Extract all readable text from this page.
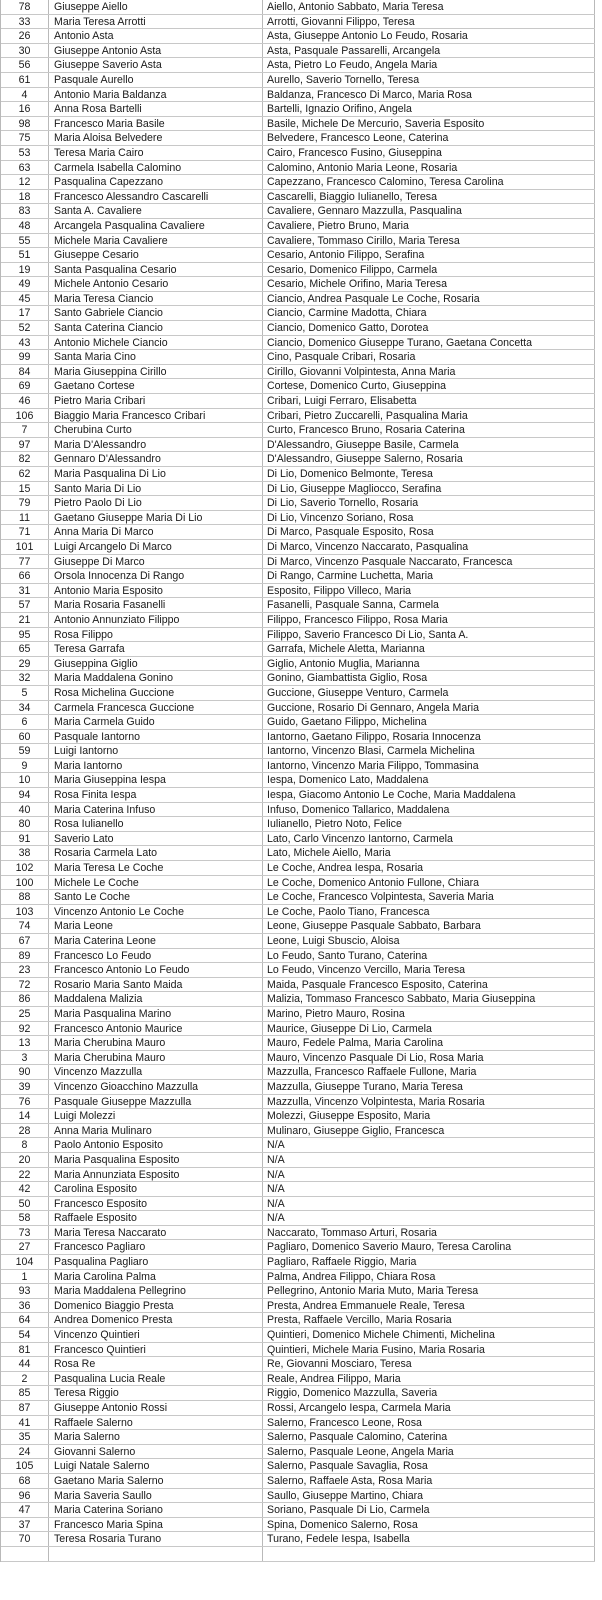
78	Giuseppe Aiello	Aiello, Antonio Sabbato, Maria Teresa
33	Maria Teresa Arrotti	Arrotti, Giovanni Filippo, Teresa
26	Antonio Asta	Asta, Giuseppe Antonio Lo Feudo, Rosaria
30	Giuseppe Antonio Asta	Asta, Pasquale Passarelli, Arcangela
56	Giuseppe Saverio Asta	Asta, Pietro Lo Feudo, Angela Maria
61	Pasquale Aurello	Aurello, Saverio Tornello, Teresa
4	Antonio Maria Baldanza	Baldanza, Francesco Di Marco, Maria Rosa
16	Anna Rosa Bartelli	Bartelli, Ignazio Orifino, Angela
98	Francesco Maria Basile	Basile, Michele De Mercurio, Saveria Esposito
75	Maria Aloisa Belvedere	Belvedere, Francesco Leone, Caterina
53	Teresa Maria Cairo	Cairo, Francesco Fusino, Giuseppina
63	Carmela Isabella Calomino	Calomino, Antonio Maria Leone, Rosaria
12	Pasqualina Capezzano	Capezzano, Francesco Calomino, Teresa Carolina
18	Francesco Alessandro Cascarelli	Cascarelli, Biaggio Iulianello, Teresa
83	Santa A. Cavaliere	Cavaliere, Gennaro Mazzulla, Pasqualina
48	Arcangela Pasqualina Cavaliere	Cavaliere, Pietro Bruno, Maria
55	Michele Maria Cavaliere	Cavaliere, Tommaso Cirillo, Maria Teresa
51	Giuseppe Cesario	Cesario, Antonio Filippo, Serafina
19	Santa Pasqualina Cesario	Cesario, Domenico Filippo, Carmela
49	Michele Antonio Cesario	Cesario, Michele Orifino, Maria Teresa
45	Maria Teresa Ciancio	Ciancio, Andrea Pasquale Le Coche, Rosaria
17	Santo Gabriele Ciancio	Ciancio, Carmine Madotta, Chiara
52	Santa Caterina Ciancio	Ciancio, Domenico Gatto, Dorotea
43	Antonio Michele Ciancio	Ciancio, Domenico Giuseppe Turano, Gaetana Concetta
99	Santa Maria Cino	Cino, Pasquale Cribari, Rosaria
84	Maria Giuseppina Cirillo	Cirillo, Giovanni Volpintesta, Anna Maria
69	Gaetano Cortese	Cortese, Domenico Curto, Giuseppina
46	Pietro Maria Cribari	Cribari, Luigi Ferraro, Elisabetta
106	Biaggio Maria Francesco Cribari	Cribari, Pietro Zuccarelli, Pasqualina Maria
7	Cherubina Curto	Curto, Francesco Bruno, Rosaria Caterina
97	Maria D'Alessandro	D'Alessandro, Giuseppe Basile, Carmela
82	Gennaro D'Alessandro	D'Alessandro, Giuseppe Salerno, Rosaria
62	Maria Pasqualina Di Lio	Di Lio, Domenico Belmonte, Teresa
15	Santo Maria Di Lio	Di Lio, Giuseppe Magliocco, Serafina
79	Pietro Paolo Di Lio	Di Lio, Saverio Tornello, Rosaria
11	Gaetano Giuseppe Maria Di Lio	Di Lio, Vincenzo Soriano, Rosa
71	Anna Maria Di Marco	Di Marco, Pasquale Esposito, Rosa
101	Luigi Arcangelo Di Marco	Di Marco, Vincenzo Naccarato, Pasqualina
77	Giuseppe Di Marco	Di Marco, Vincenzo Pasquale Naccarato, Francesca
66	Orsola Innocenza Di Rango	Di Rango, Carmine Luchetta, Maria
31	Antonio Maria Esposito	Esposito, Filippo Villeco, Maria
57	Maria Rosaria Fasanelli	Fasanelli, Pasquale Sanna, Carmela
21	Antonio Annunziato Filippo	Filippo, Francesco Filippo, Rosa Maria
95	Rosa Filippo	Filippo, Saverio Francesco Di Lio, Santa A.
65	Teresa Garrafa	Garrafa, Michele Aletta, Marianna
29	Giuseppina Giglio	Giglio, Antonio Muglia, Marianna
32	Maria Maddalena Gonino	Gonino, Giambattista Giglio, Rosa
5	Rosa Michelina Guccione	Guccione, Giuseppe Venturo, Carmela
34	Carmela Francesca Guccione	Guccione, Rosario Di Gennaro, Angela Maria
6	Maria Carmela Guido	Guido, Gaetano Filippo, Michelina
60	Pasquale Iantorno	Iantorno, Gaetano Filippo, Rosaria Innocenza
59	Luigi Iantorno	Iantorno, Vincenzo Blasi, Carmela Michelina
9	Maria Iantorno	Iantorno, Vincenzo Maria Filippo, Tommasina
10	Maria Giuseppina Iespa	Iespa, Domenico Lato, Maddalena
94	Rosa Finita Iespa	Iespa, Giacomo Antonio Le Coche, Maria Maddalena
40	Maria Caterina Infuso	Infuso, Domenico Tallarico, Maddalena
80	Rosa Iulianello	Iulianello, Pietro Noto, Felice
91	Saverio Lato	Lato, Carlo Vincenzo Iantorno, Carmela
38	Rosaria Carmela Lato	Lato, Michele Aiello, Maria
102	Maria Teresa Le Coche	Le Coche, Andrea Iespa, Rosaria
100	Michele Le Coche	Le Coche, Domenico Antonio Fullone, Chiara
88	Santo Le Coche	Le Coche, Francesco Volpintesta, Saveria Maria
103	Vincenzo Antonio Le Coche	Le Coche, Paolo Tiano, Francesca
74	Maria Leone	Leone, Giuseppe Pasquale Sabbato, Barbara
67	Maria Caterina Leone	Leone, Luigi Sbuscio, Aloisa
89	Francesco Lo Feudo	Lo Feudo, Santo Turano, Caterina
23	Francesco Antonio Lo Feudo	Lo Feudo, Vincenzo Vercillo, Maria Teresa
72	Rosario Maria Santo Maida	Maida, Pasquale Francesco Esposito, Caterina
86	Maddalena Malizia	Malizia, Tommaso Francesco Sabbato, Maria Giuseppina
25	Maria Pasqualina Marino	Marino, Pietro Mauro, Rosina
92	Francesco Antonio Maurice	Maurice, Giuseppe Di Lio, Carmela
13	Maria Cherubina Mauro	Mauro, Fedele Palma, Maria Carolina
3	Maria Cherubina Mauro	Mauro, Vincenzo Pasquale Di Lio, Rosa Maria
90	Vincenzo Mazzulla	Mazzulla, Francesco Raffaele Fullone, Maria
39	Vincenzo Gioacchino Mazzulla	Mazzulla, Giuseppe Turano, Maria Teresa
76	Pasquale Giuseppe Mazzulla	Mazzulla, Vincenzo Volpintesta, Maria Rosaria
14	Luigi Molezzi	Molezzi, Giuseppe Esposito, Maria
28	Anna Maria Mulinaro	Mulinaro, Giuseppe Giglio, Francesca
8	Paolo Antonio Esposito	N/A
20	Maria Pasqualina Esposito	N/A
22	Maria Annunziata Esposito	N/A
42	Carolina Esposito	N/A
50	Francesco Esposito	N/A
58	Raffaele Esposito	N/A
73	Maria Teresa Naccarato	Naccarato, Tommaso Arturi, Rosaria
27	Francesco Pagliaro	Pagliaro, Domenico Saverio Mauro, Teresa Carolina
104	Pasqualina Pagliaro	Pagliaro, Raffaele Riggio, Maria
1	Maria Carolina Palma	Palma, Andrea Filippo, Chiara Rosa
93	Maria Maddalena Pellegrino	Pellegrino, Antonio Maria Muto, Maria Teresa
36	Domenico Biaggio Presta	Presta, Andrea Emmanuele Reale, Teresa
64	Andrea Domenico Presta	Presta, Raffaele Vercillo, Maria Rosaria
54	Vincenzo Quintieri	Quintieri, Domenico Michele Chimenti, Michelina
81	Francesco Quintieri	Quintieri, Michele Maria Fusino, Maria Rosaria
44	Rosa Re	Re, Giovanni Mosciaro, Teresa
2	Pasqualina Lucia Reale	Reale, Andrea Filippo, Maria
85	Teresa Riggio	Riggio, Domenico Mazzulla, Saveria
87	Giuseppe Antonio Rossi	Rossi, Arcangelo Iespa, Carmela Maria
41	Raffaele Salerno	Salerno, Francesco Leone, Rosa
35	Maria Salerno	Salerno, Pasquale Calomino, Caterina
24	Giovanni Salerno	Salerno, Pasquale Leone, Angela Maria
105	Luigi Natale Salerno	Salerno, Pasquale Savaglia, Rosa
68	Gaetano Maria Salerno	Salerno, Raffaele Asta, Rosa Maria
96	Maria Saveria Saullo	Saullo, Giuseppe Martino, Chiara
47	Maria Caterina Soriano	Soriano, Pasquale Di Lio, Carmela
37	Francesco Maria Spina	Spina, Domenico Salerno, Rosa
70	Teresa Rosaria Turano	Turano, Fedele Iespa, Isabella
